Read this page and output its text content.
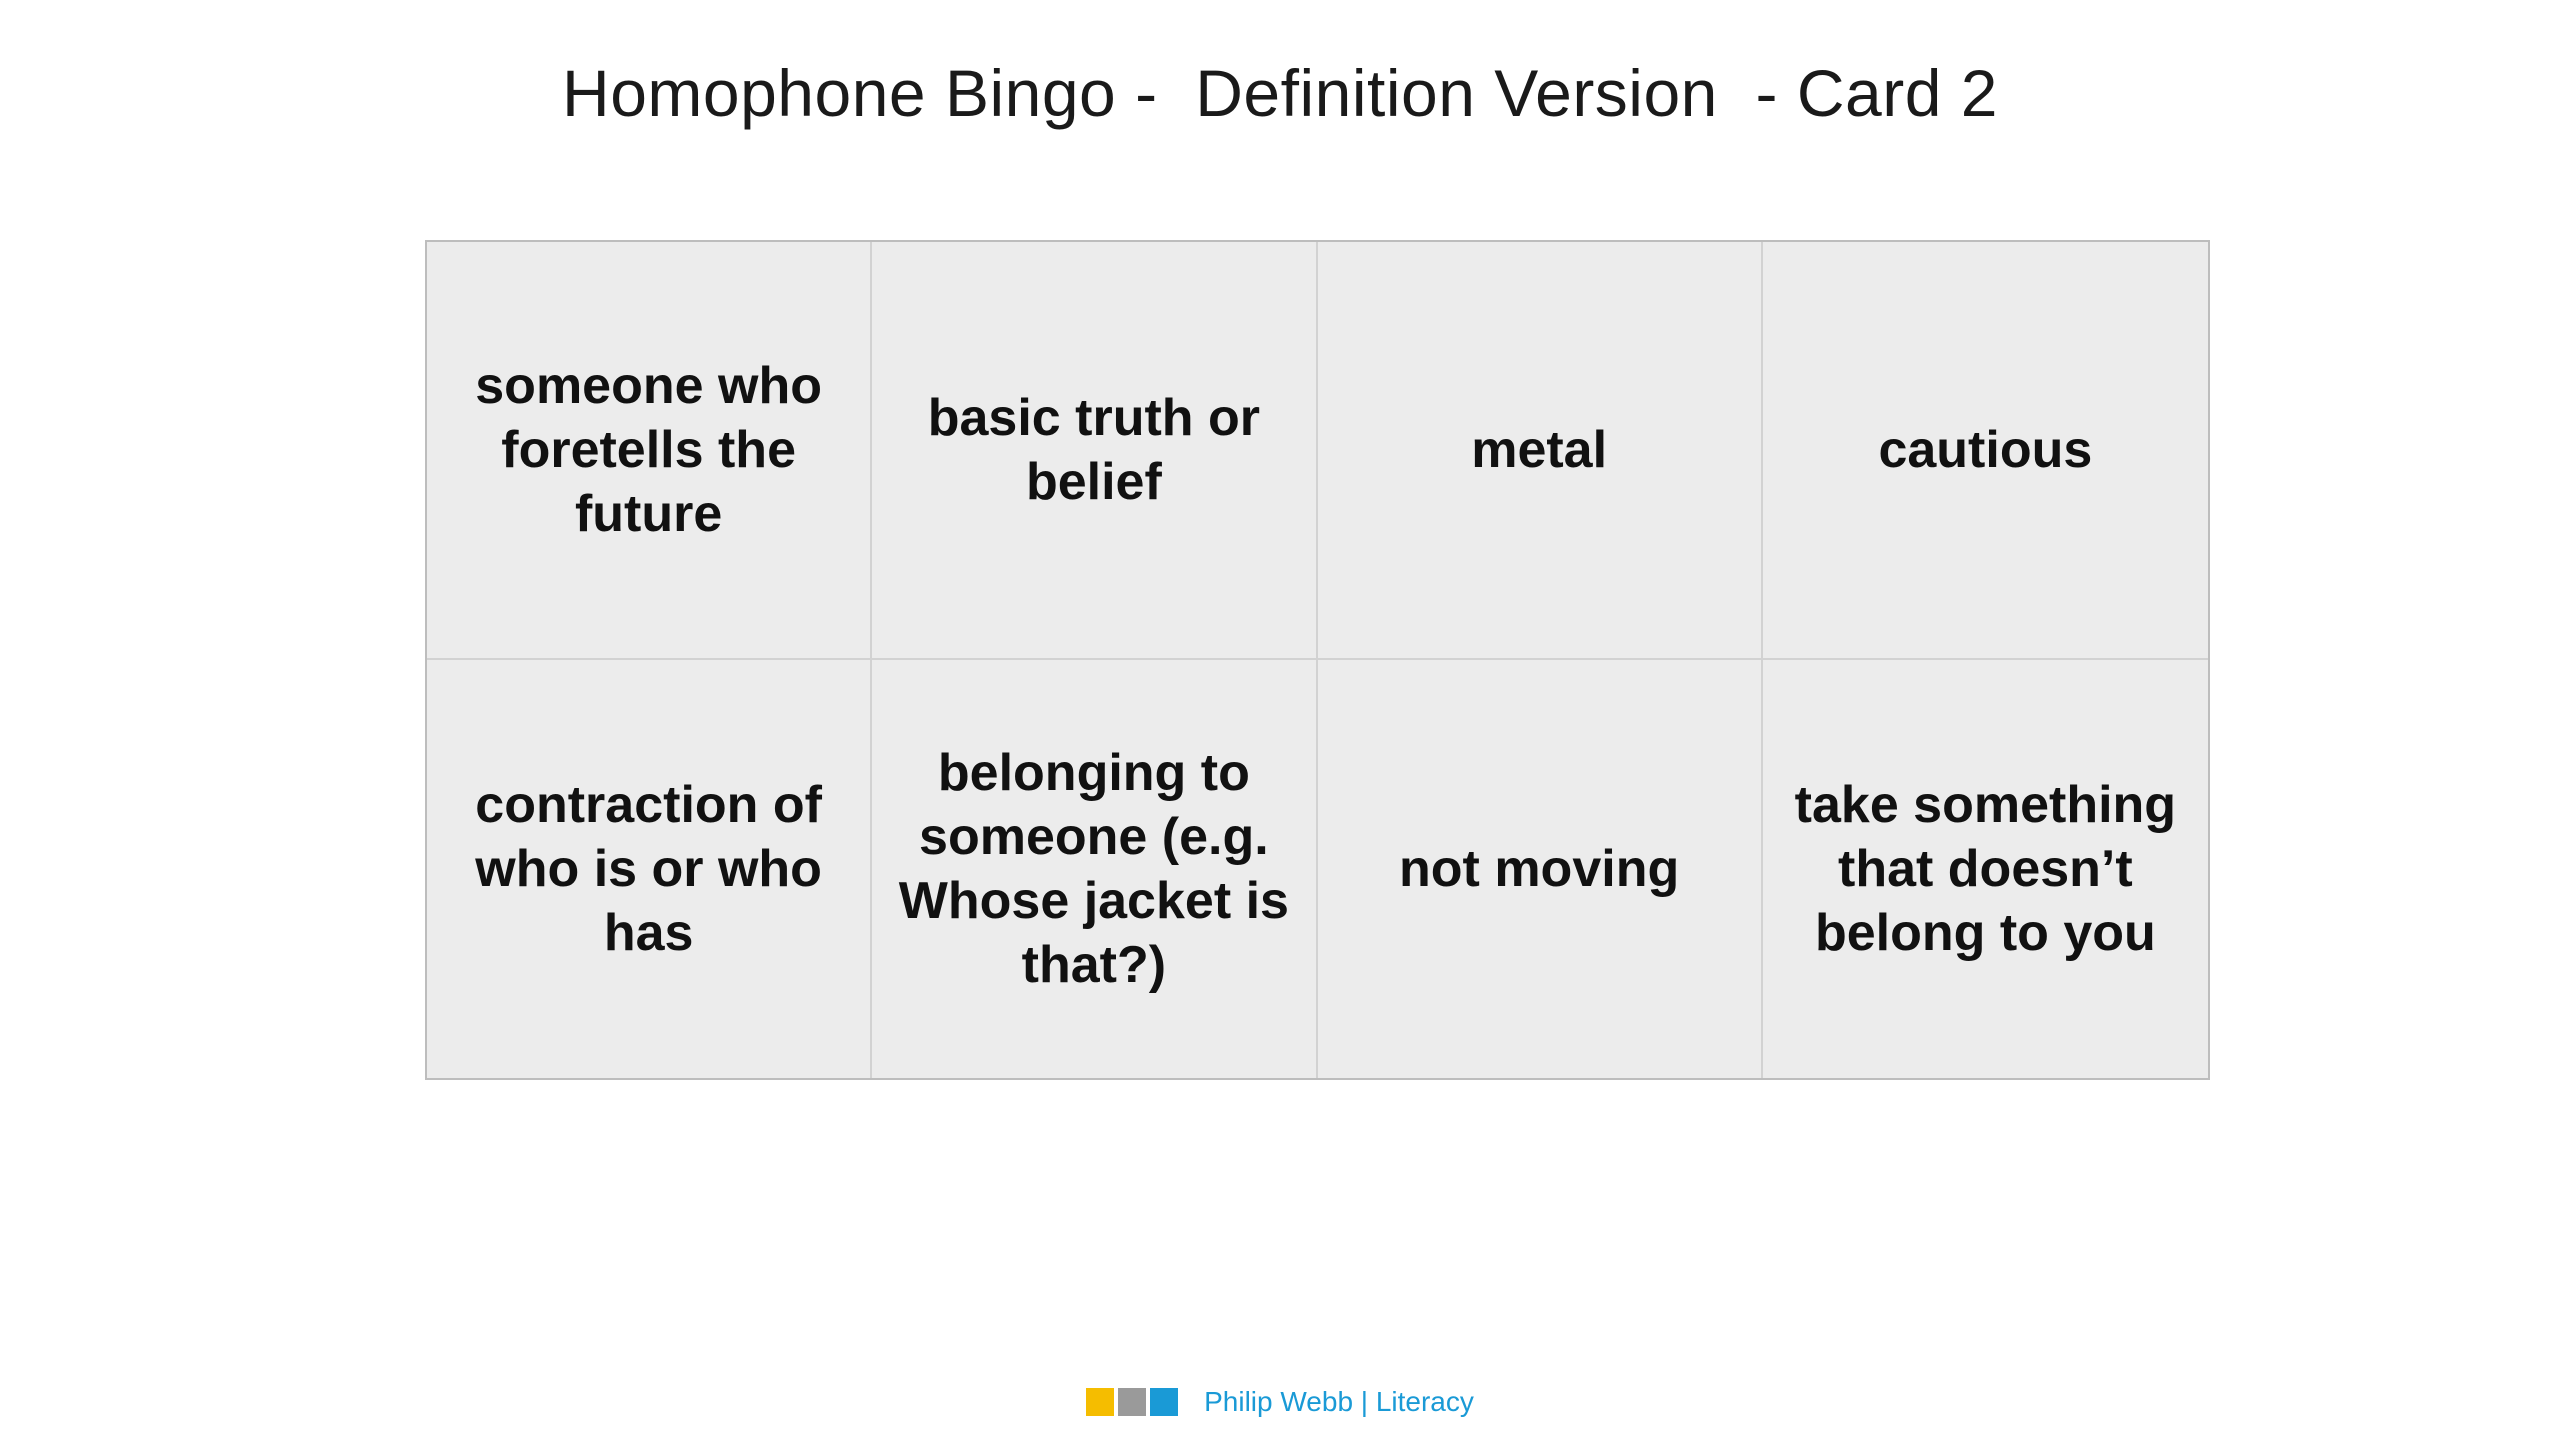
Homophone Bingo -  Definition Version  - Card 2
someone who foretells the future
basic truth or belief
metal	cautious
contraction of who is or who has
belonging to someone (e.g. Whose jacket is that?)
not moving
take something that doesn’t belong to you
Philip Webb | Literacy
